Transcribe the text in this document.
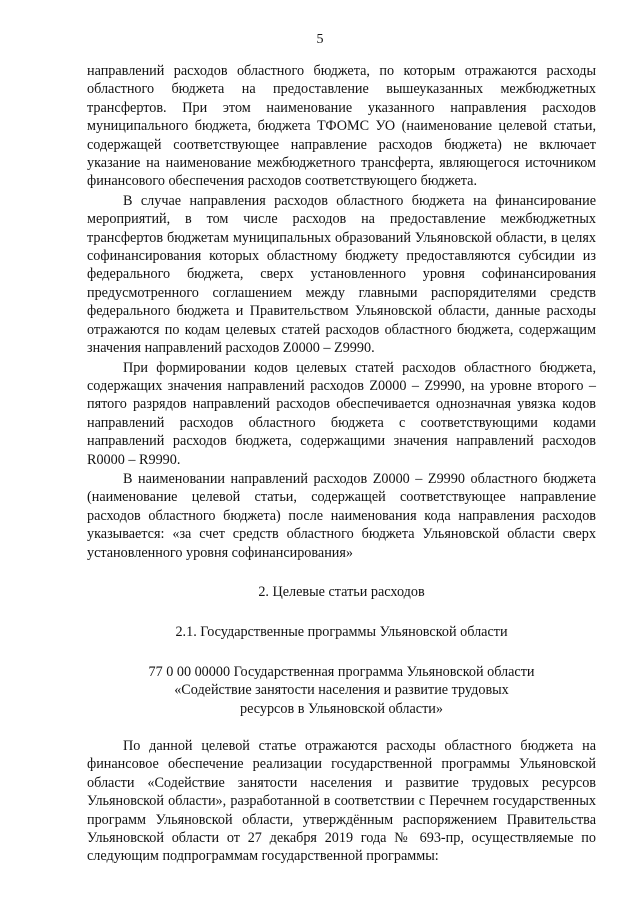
5

направлений расходов областного бюджета, по которым отражаются расходы областного бюджета на предоставление вышеуказанных межбюджетных трансфертов. При этом наименование указанного направления расходов муниципального бюджета, бюджета ТФОМС УО (наименование целевой статьи, содержащей соответствующее направление расходов бюджета) не включает указание на наименование межбюджетного трансферта, являющегося источником финансового обеспечения расходов соответствующего бюджета.

В случае направления расходов областного бюджета на финансирование мероприятий, в том числе расходов на предоставление межбюджетных трансфертов бюджетам муниципальных образований Ульяновской области, в целях софинансирования которых областному бюджету предоставляются субсидии из федерального бюджета, сверх установленного уровня софинансирования предусмотренного соглашением между главными распорядителями средств федерального бюджета и Правительством Ульяновской области, данные расходы отражаются по кодам целевых статей расходов областного бюджета, содержащим значения направлений расходов Z0000 – Z9990.

При формировании кодов целевых статей расходов областного бюджета, содержащих значения направлений расходов Z0000 – Z9990, на уровне второго – пятого разрядов направлений расходов обеспечивается однозначная увязка кодов направлений расходов областного бюджета с соответствующими кодами направлений расходов бюджета, содержащими значения направлений расходов R0000 – R9990.

В наименовании направлений расходов Z0000 – Z9990 областного бюджета (наименование целевой статьи, содержащей соответствующее направление расходов областного бюджета) после наименования кода направления расходов указывается: «за счет средств областного бюджета Ульяновской области сверх установленного уровня софинансирования»

2. Целевые статьи расходов
2.1. Государственные программы Ульяновской области
77 0 00 00000 Государственная программа Ульяновской области
«Содействие занятости населения и развитие трудовых
ресурсов в Ульяновской области»

По данной целевой статье отражаются расходы областного бюджета на финансовое обеспечение реализации государственной программы Ульяновской области «Содействие занятости населения и развитие трудовых ресурсов Ульяновской области», разработанной в соответствии с Перечнем государственных программ Ульяновской области, утверждённым распоряжением Правительства Ульяновской области от 27 декабря 2019 года № 693-пр, осуществляемые по следующим подпрограммам государственной программы:
